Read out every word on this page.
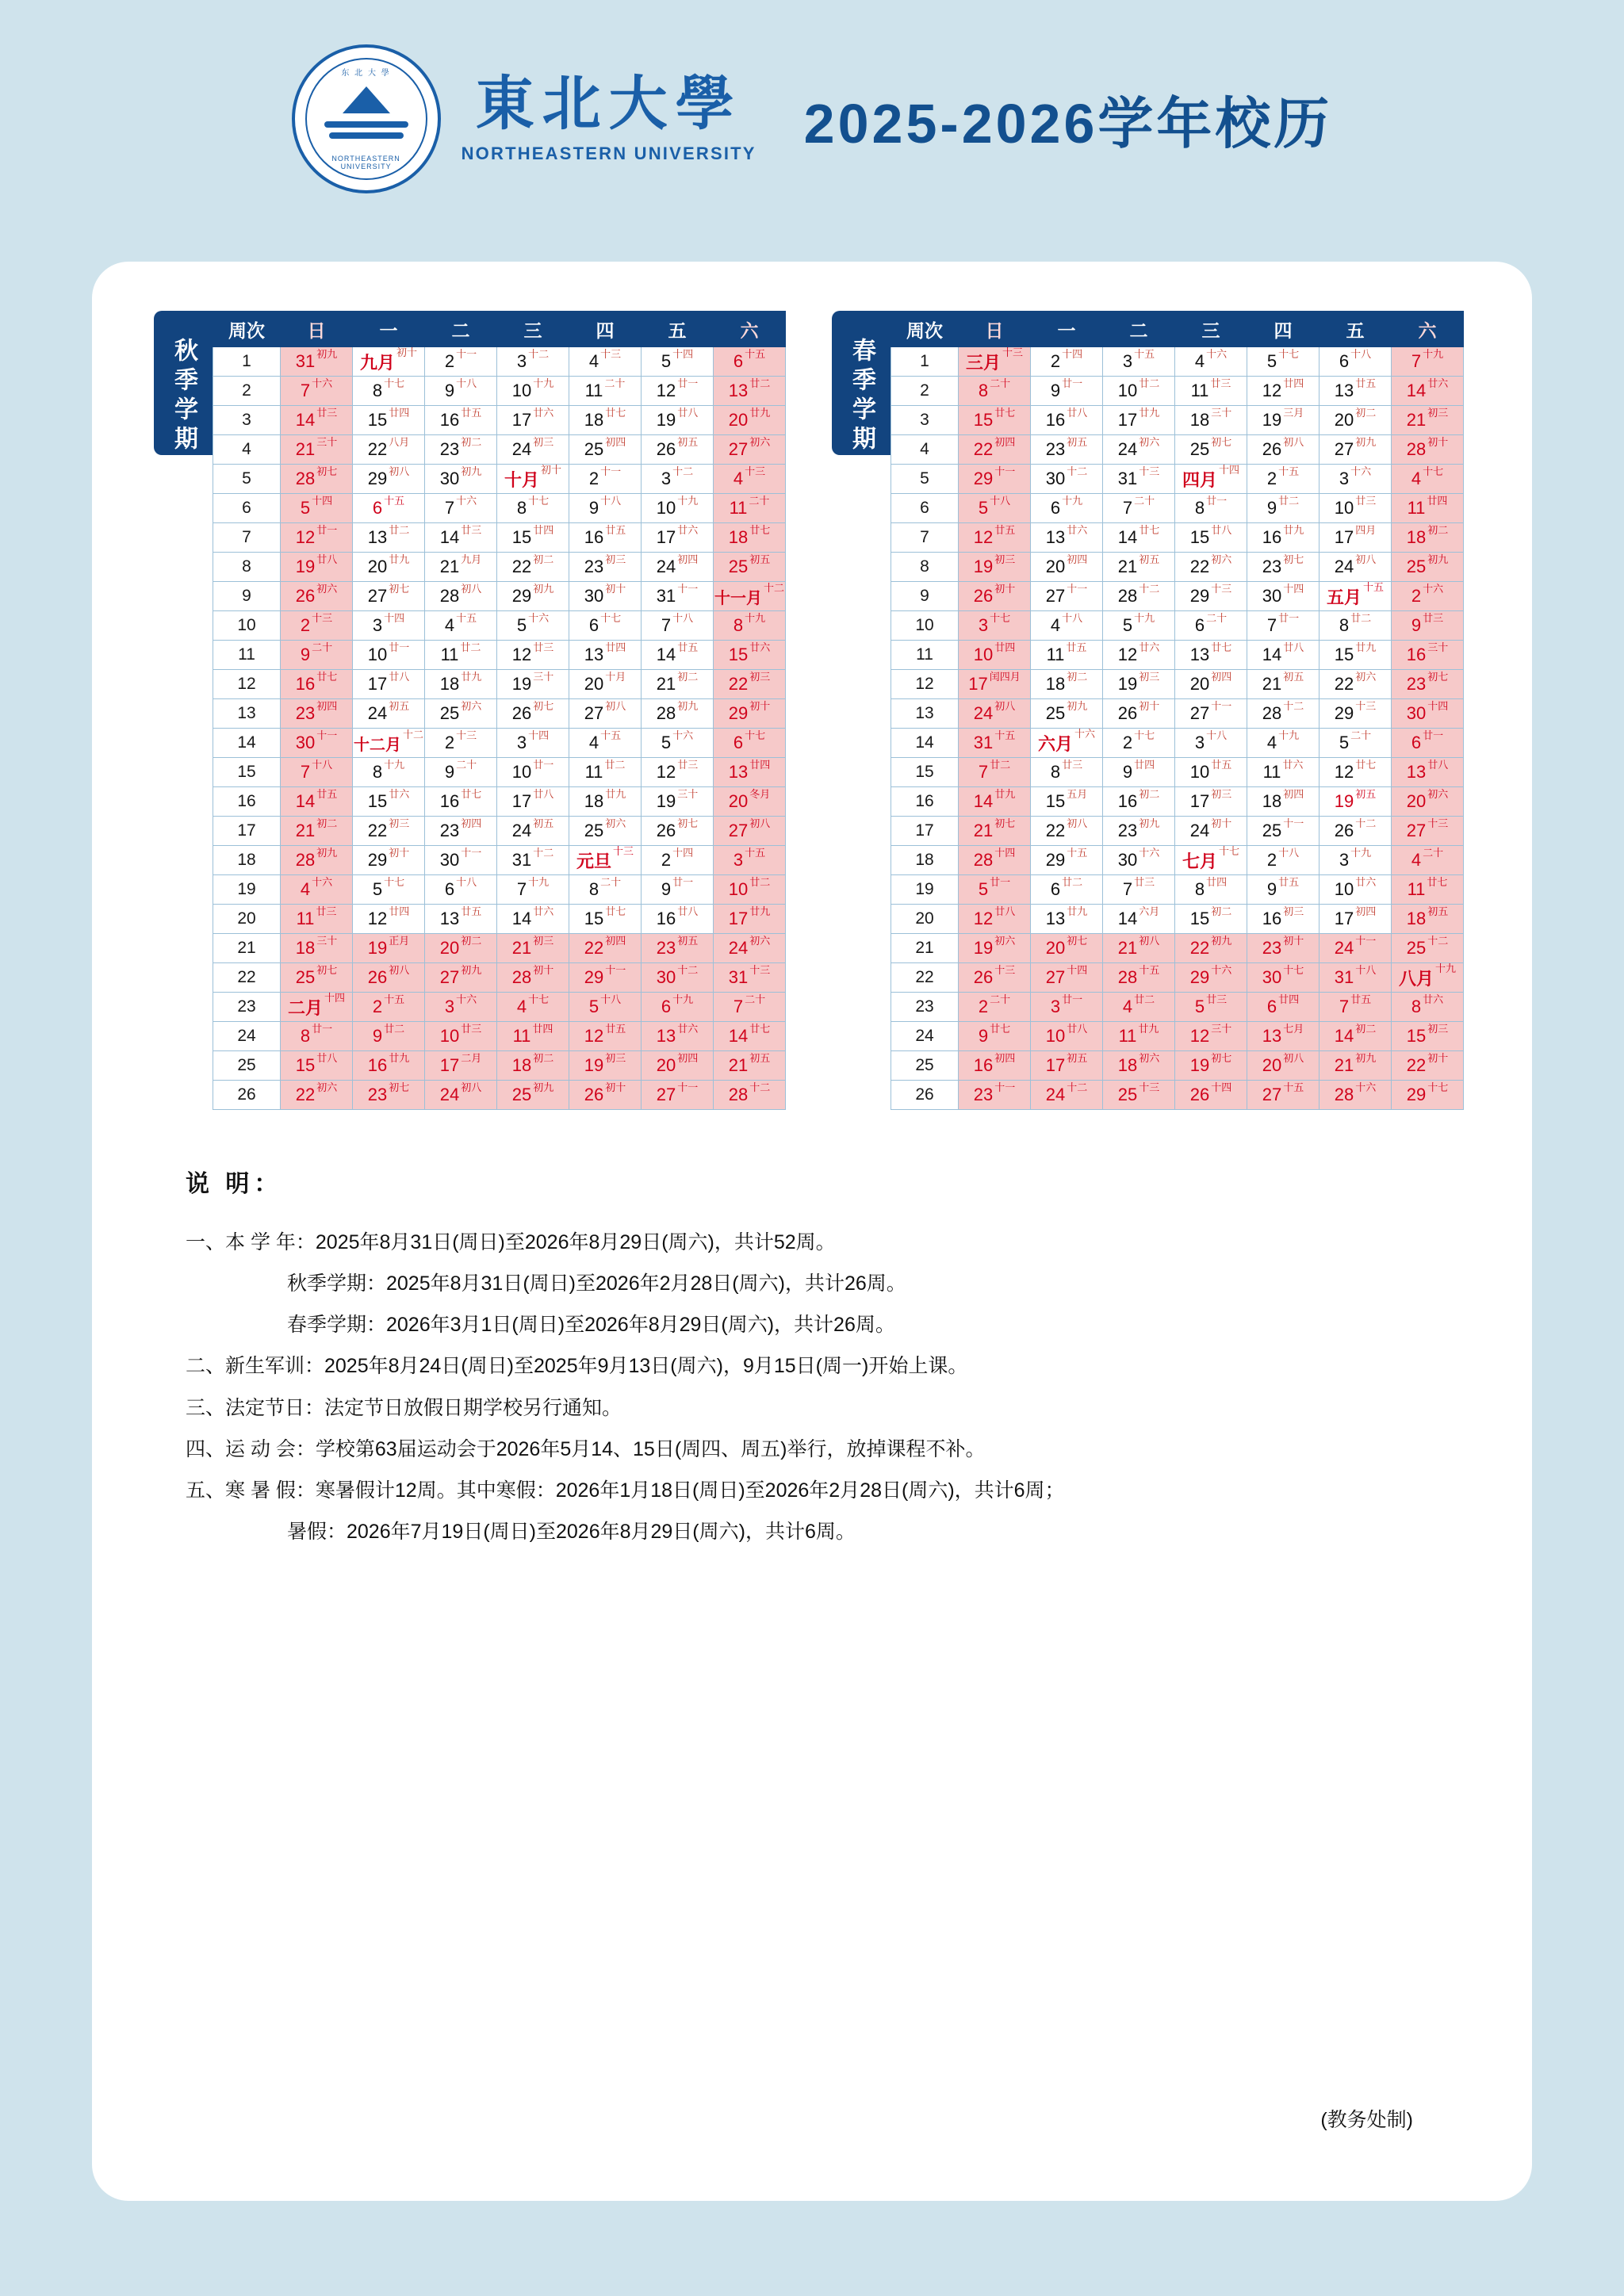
东 北 大 學
NORTHEASTERN UNIVERSITY
東北大學
NORTHEASTERN UNIVERSITY 2025-2026学年校历
秋季学期
周次	日	一	二	三	四	五	六
1	31 初九	九月初十	2 十一	3 十二	4 十三	5 十四	6 十五
2	7 十六	8 十七	9 十八	10 十九	11 二十	12 廿一	13 廿二
3	14 廿三	15 廿四	16 廿五	17 廿六	18 廿七	19 廿八	20 廿九
4	21 三十	22 八月	23 初二	24 初三	25 初四	26 初五	27 初六
5	28 初七	29 初八	30 初九	十月初十	2 十一	3 十二	4 十三
6	5 十四	6 十五	7 十六	8 十七	9 十八	10 十九	11 二十
7	12 廿一	13 廿二	14 廿三	15 廿四	16 廿五	17 廿六	18 廿七
8	19 廿八	20 廿九	21 九月	22 初二	23 初三	24 初四	25 初五
9	26 初六	27 初七	28 初八	29 初九	30 初十	31 十一	十一月十二
10	2 十三	3 十四	4 十五	5 十六	6 十七	7 十八	8 十九
11	9 二十	10 廿一	11 廿二	12 廿三	13 廿四	14 廿五	15 廿六
12	16 廿七	17 廿八	18 廿九	19 三十	20 十月	21 初二	22 初三
13	23 初四	24 初五	25 初六	26 初七	27 初八	28 初九	29 初十
14	30 十一	十二月十二	2 十三	3 十四	4 十五	5 十六	6 十七
15	7 十八	8 十九	9 二十	10 廿一	11 廿二	12 廿三	13 廿四
16	14 廿五	15 廿六	16 廿七	17 廿八	18 廿九	19 三十	20 冬月
17	21 初二	22 初三	23 初四	24 初五	25 初六	26 初七	27 初八
18	28 初九	29 初十	30 十一	31 十二	元旦十三	2 十四	3 十五
19	4 十六	5 十七	6 十八	7 十九	8 二十	9 廿一	10 廿二
20	11 廿三	12 廿四	13 廿五	14 廿六	15 廿七	16 廿八	17 廿九
21	18 三十	19 正月	20 初二	21 初三	22 初四	23 初五	24 初六
22	25 初七	26 初八	27 初九	28 初十	29 十一	30 十二	31 十三
23	二月十四	2 十五	3 十六	4 十七	5 十八	6 十九	7 二十
24	8 廿一	9 廿二	10 廿三	11 廿四	12 廿五	13 廿六	14 廿七
25	15 廿八	16 廿九	17 二月	18 初二	19 初三	20 初四	21 初五
26	22 初六	23 初七	24 初八	25 初九	26 初十	27 十一	28 十二
春季学期
周次	日	一	二	三	四	五	六
1	三月十三	2 十四	3 十五	4 十六	5 十七	6 十八	7 十九
2	8 二十	9 廿一	10 廿二	11 廿三	12 廿四	13 廿五	14 廿六
3	15 廿七	16 廿八	17 廿九	18 三十	19 三月	20 初二	21 初三
4	22 初四	23 初五	24 初六	25 初七	26 初八	27 初九	28 初十
5	29 十一	30 十二	31 十三	四月十四	2 十五	3 十六	4 十七
6	5 十八	6 十九	7 二十	8 廿一	9 廿二	10 廿三	11 廿四
7	12 廿五	13 廿六	14 廿七	15 廿八	16 廿九	17 四月	18 初二
8	19 初三	20 初四	21 初五	22 初六	23 初七	24 初八	25 初九
9	26 初十	27 十一	28 十二	29 十三	30 十四	五月十五	2 十六
10	3 十七	4 十八	5 十九	6 二十	7 廿一	8 廿二	9 廿三
11	10 廿四	11 廿五	12 廿六	13 廿七	14 廿八	15 廿九	16 三十
12	17 闰四月	18 初二	19 初三	20 初四	21 初五	22 初六	23 初七
13	24 初八	25 初九	26 初十	27 十一	28 十二	29 十三	30 十四
14	31 十五	六月十六	2 十七	3 十八	4 十九	5 二十	6 廿一
15	7 廿二	8 廿三	9 廿四	10 廿五	11 廿六	12 廿七	13 廿八
16	14 廿九	15 五月	16 初二	17 初三	18 初四	19 初五	20 初六
17	21 初七	22 初八	23 初九	24 初十	25 十一	26 十二	27 十三
18	28 十四	29 十五	30 十六	七月十七	2 十八	3 十九	4 二十
19	5 廿一	6 廿二	7 廿三	8 廿四	9 廿五	10 廿六	11 廿七
20	12 廿八	13 廿九	14 六月	15 初二	16 初三	17 初四	18 初五
21	19 初六	20 初七	21 初八	22 初九	23 初十	24 十一	25 十二
22	26 十三	27 十四	28 十五	29 十六	30 十七	31 十八	八月十九
23	2 二十	3 廿一	4 廿二	5 廿三	6 廿四	7 廿五	8 廿六
24	9 廿七	10 廿八	11 廿九	12 三十	13 七月	14 初二	15 初三
25	16 初四	17 初五	18 初六	19 初七	20 初八	21 初九	22 初十
26	23 十一	24 十二	25 十三	26 十四	27 十五	28 十六	29 十七
说 明：
一、本 学 年：2025年8月31日(周日)至2026年8月29日(周六)，共计52周。
秋季学期：2025年8月31日(周日)至2026年2月28日(周六)，共计26周。
春季学期：2026年3月1日(周日)至2026年8月29日(周六)，共计26周。
二、新生军训：2025年8月24日(周日)至2025年9月13日(周六)，9月15日(周一)开始上课。
三、法定节日：法定节日放假日期学校另行通知。
四、运 动 会：学校第63届运动会于2026年5月14、15日(周四、周五)举行，放掉课程不补。
五、寒 暑 假：寒暑假计12周。其中寒假：2026年1月18日(周日)至2026年2月28日(周六)，共计6周；
暑假：2026年7月19日(周日)至2026年8月29日(周六)，共计6周。
(教务处制)
